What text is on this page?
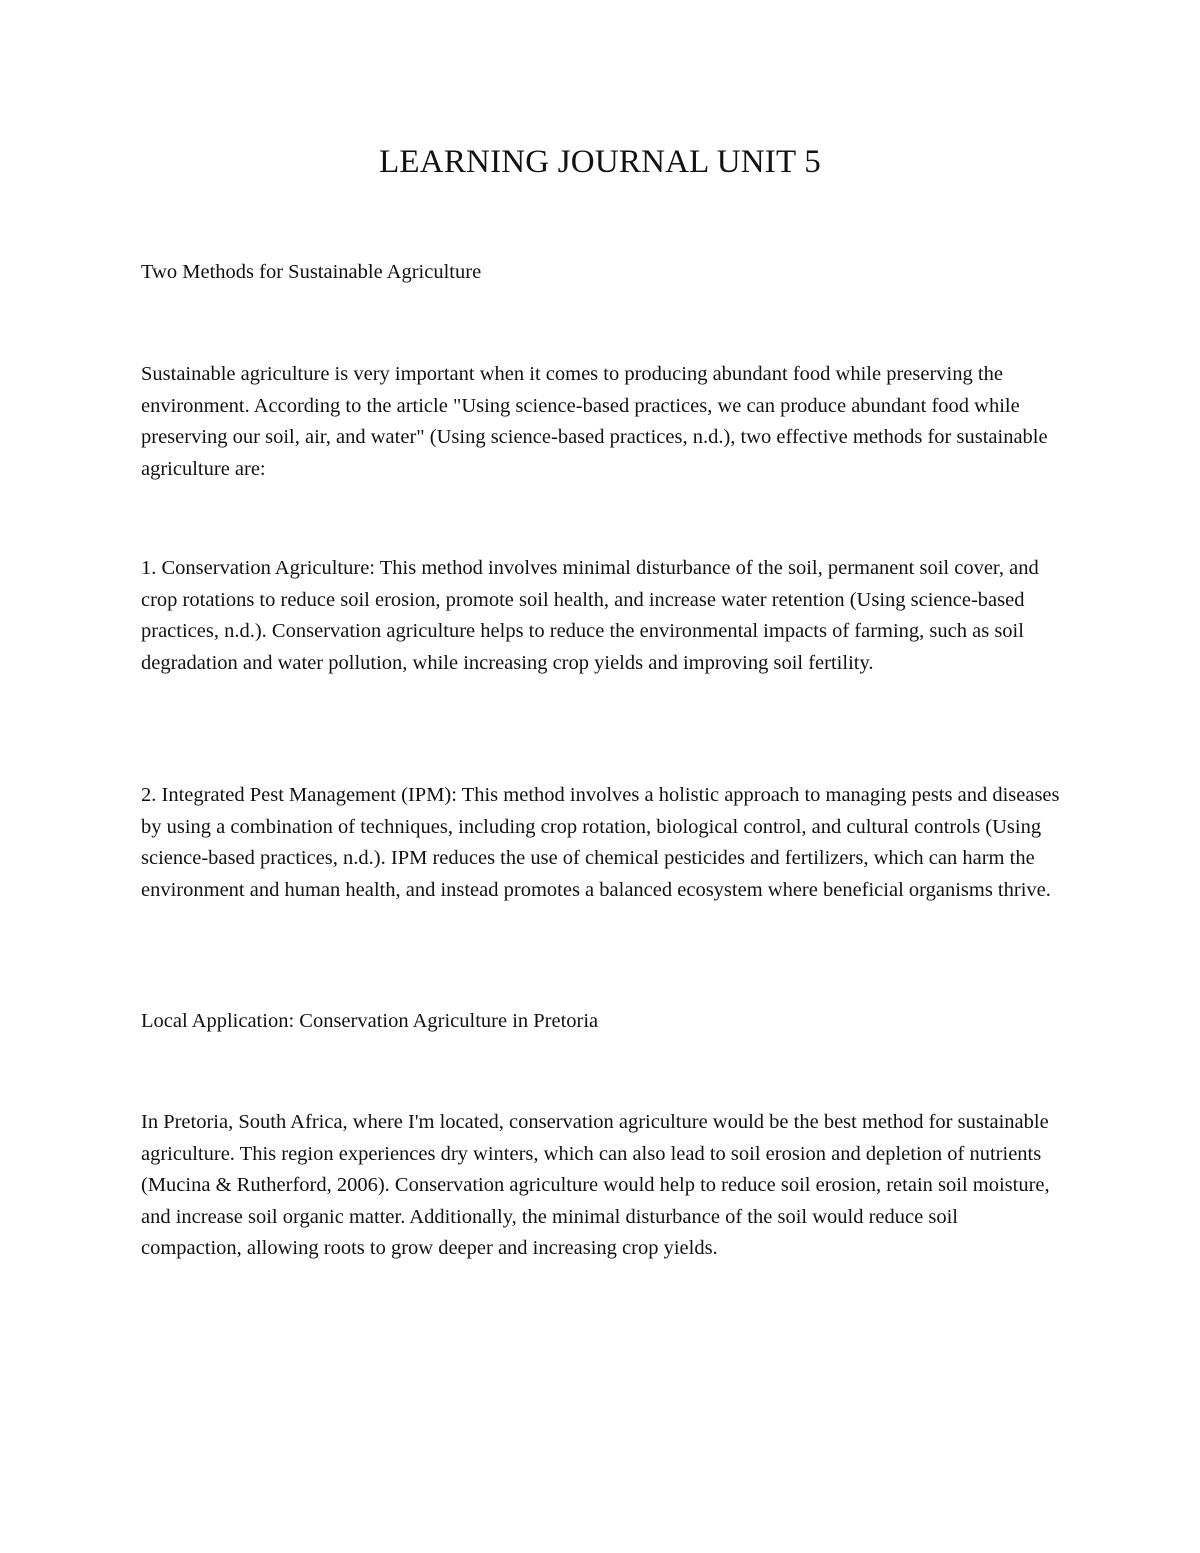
LEARNING JOURNAL UNIT 5

Two Methods for Sustainable Agriculture

Sustainable agriculture is very important when it comes to producing abundant food while preserving the environment. According to the article "Using science-based practices, we can produce abundant food while preserving our soil, air, and water" (Using science-based practices, n.d.), two effective methods for sustainable agriculture are:

1. Conservation Agriculture: This method involves minimal disturbance of the soil, permanent soil cover, and crop rotations to reduce soil erosion, promote soil health, and increase water retention (Using science-based practices, n.d.). Conservation agriculture helps to reduce the environmental impacts of farming, such as soil degradation and water pollution, while increasing crop yields and improving soil fertility.

2. Integrated Pest Management (IPM): This method involves a holistic approach to managing pests and diseases by using a combination of techniques, including crop rotation, biological control, and cultural controls (Using science-based practices, n.d.). IPM reduces the use of chemical pesticides and fertilizers, which can harm the environment and human health, and instead promotes a balanced ecosystem where beneficial organisms thrive.

Local Application: Conservation Agriculture in Pretoria

In Pretoria, South Africa, where I'm located, conservation agriculture would be the best method for sustainable agriculture. This region experiences dry winters, which can also lead to soil erosion and depletion of nutrients (Mucina & Rutherford, 2006). Conservation agriculture would help to reduce soil erosion, retain soil moisture, and increase soil organic matter. Additionally, the minimal disturbance of the soil would reduce soil compaction, allowing roots to grow deeper and increasing crop yields.
